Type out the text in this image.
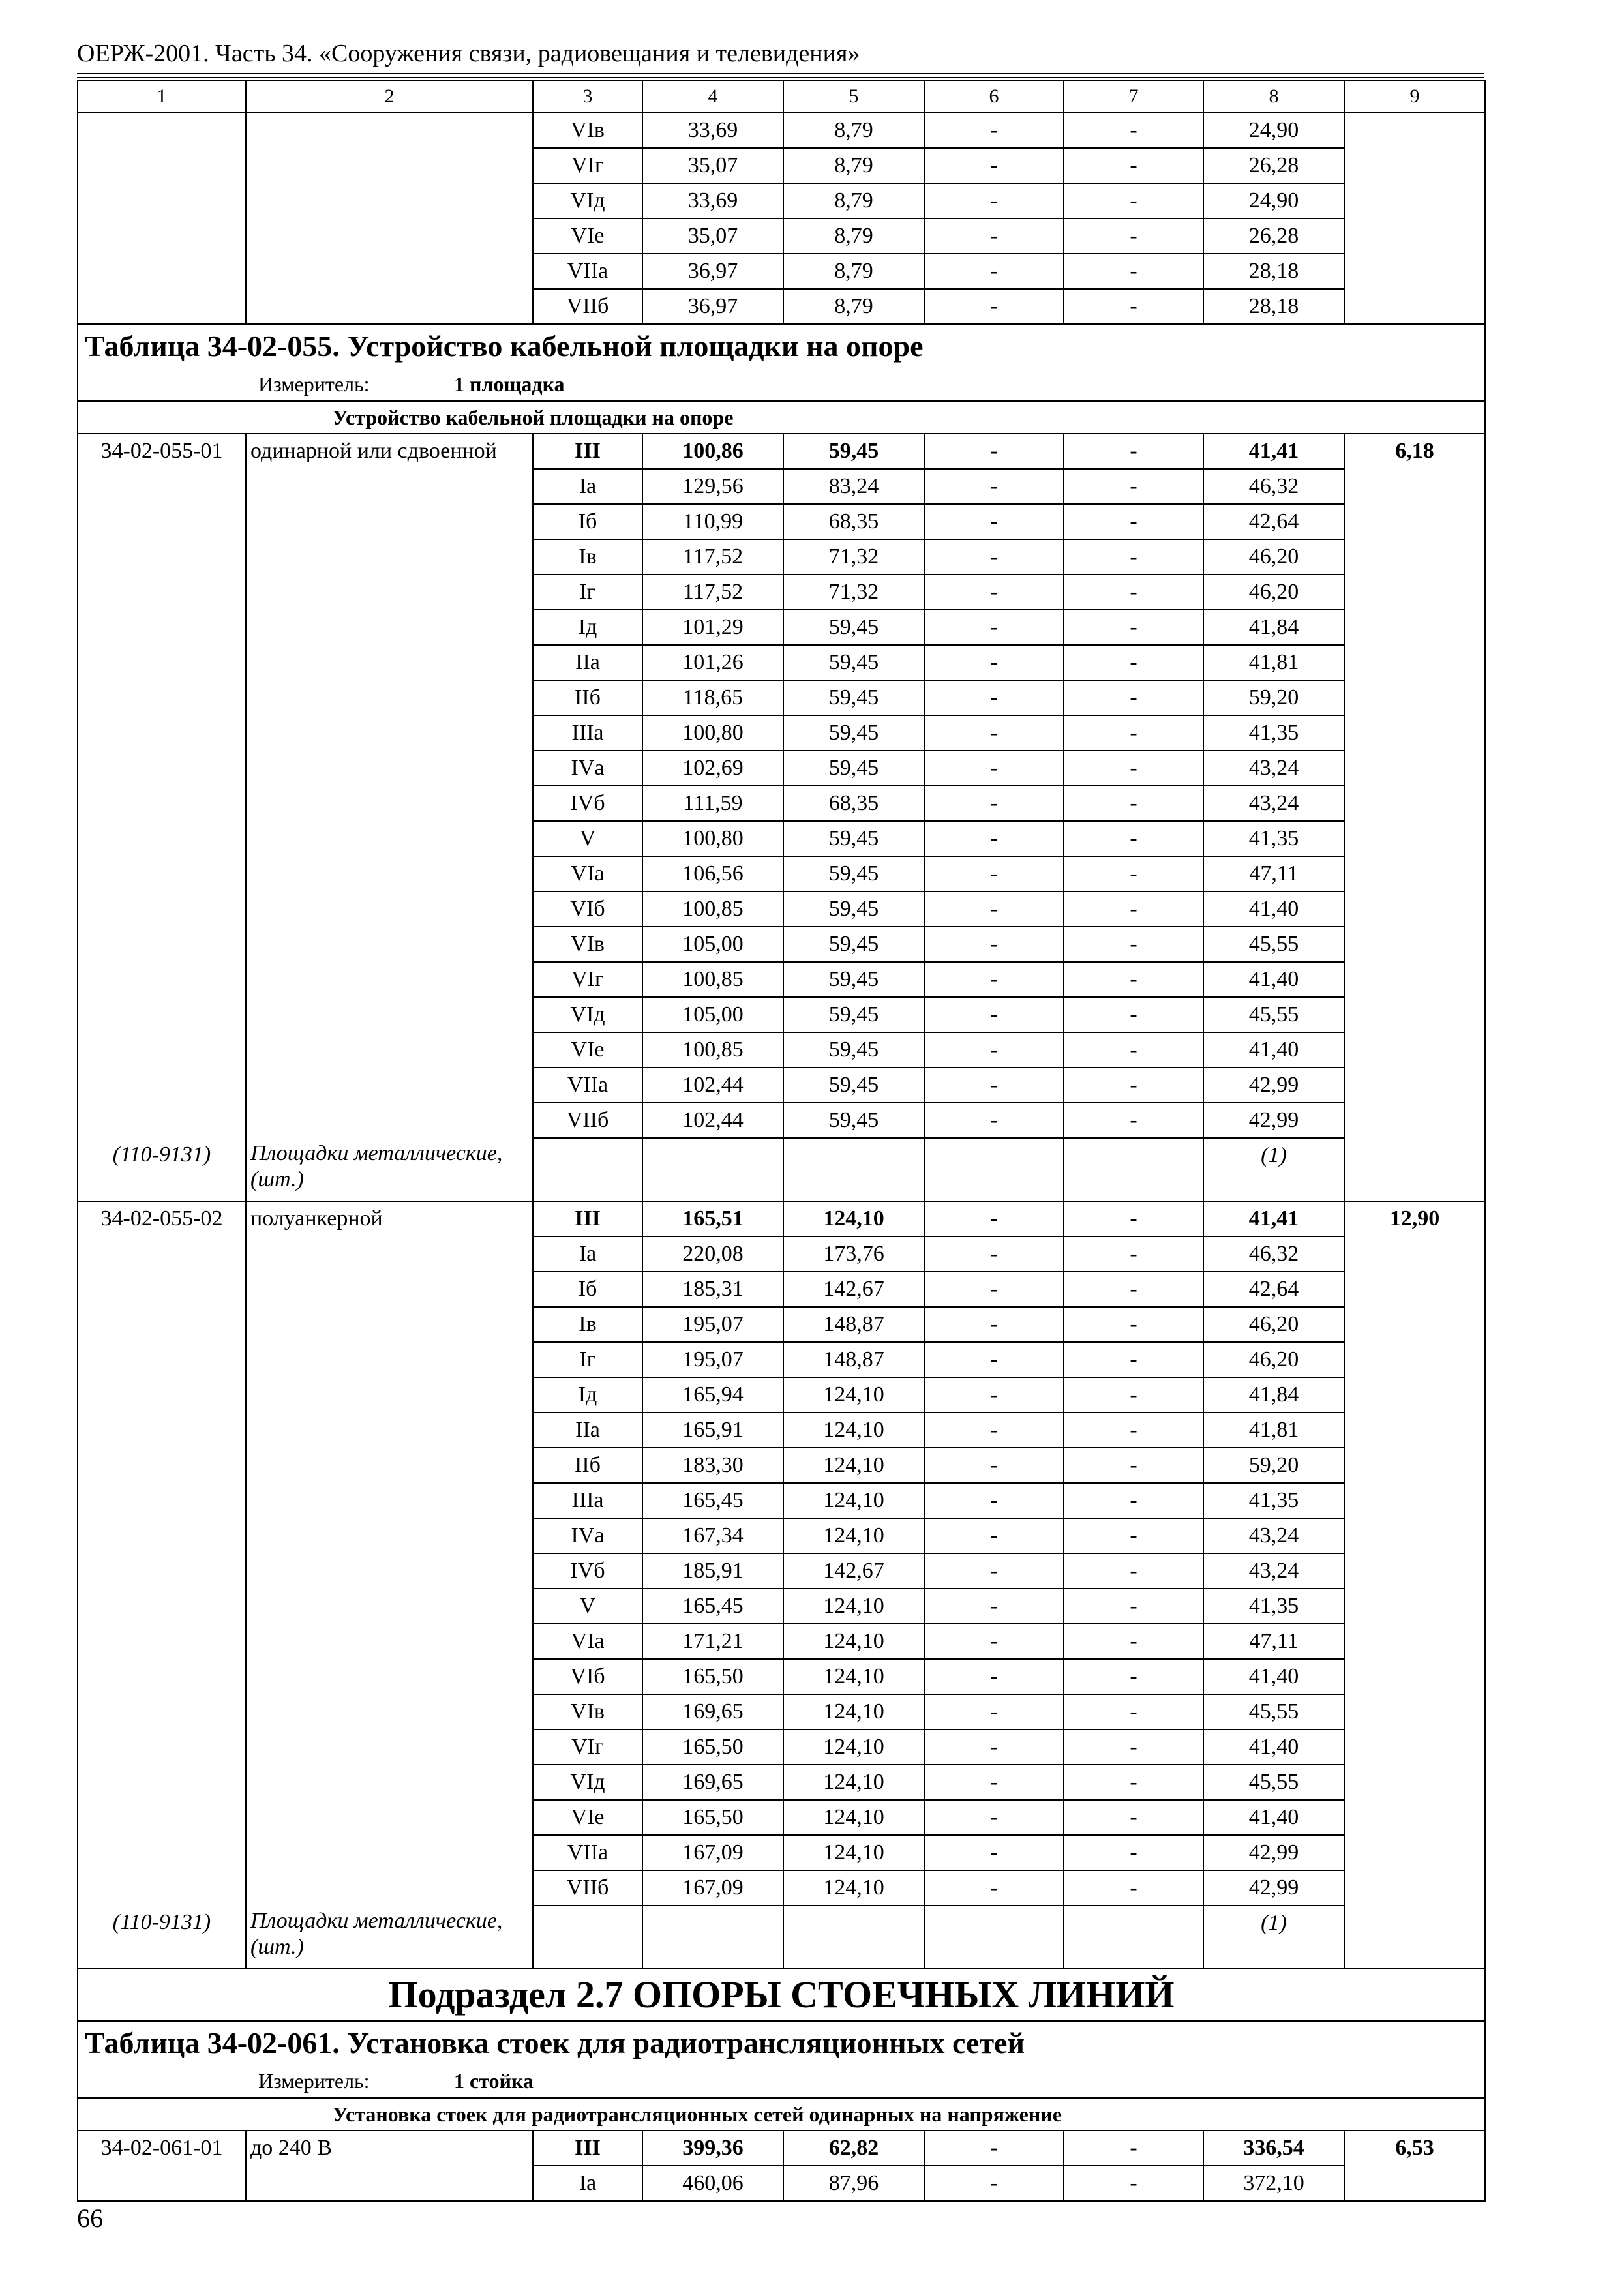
ОЕРЖ-2001. Часть 34. «Сооружения связи, радиовещания и телевидения»
1	2	3	4	5	6	7	8	9
		VIв	33,69	8,79	-	-	24,90	
		VIг	35,07	8,79	-	-	26,28	
		VIд	33,69	8,79	-	-	24,90	
		VIe	35,07	8,79	-	-	26,28	
		VIIа	36,97	8,79	-	-	28,18	
		VIIб	36,97	8,79	-	-	28,18	
Таблица 34-02-055. Устройство кабельной площадки на опоре								
Измеритель: 1 площадка								
Устройство кабельной площадки на опоре								
34-02-055-01	одинарной или сдвоенной	III	100,86	59,45	-	-	41,41	6,18
		Ia	129,56	83,24	-	-	46,32	
		Iб	110,99	68,35	-	-	42,64	
		Iв	117,52	71,32	-	-	46,20	
		Iг	117,52	71,32	-	-	46,20	
		Iд	101,29	59,45	-	-	41,84	
		IIа	101,26	59,45	-	-	41,81	
		IIб	118,65	59,45	-	-	59,20	
		IIIа	100,80	59,45	-	-	41,35	
		IVа	102,69	59,45	-	-	43,24	
		IVб	111,59	68,35	-	-	43,24	
		V	100,80	59,45	-	-	41,35	
		VIа	106,56	59,45	-	-	47,11	
		VIб	100,85	59,45	-	-	41,40	
		VIв	105,00	59,45	-	-	45,55	
		VIг	100,85	59,45	-	-	41,40	
		VIд	105,00	59,45	-	-	45,55	
		VIe	100,85	59,45	-	-	41,40	
		VIIа	102,44	59,45	-	-	42,99	
		VIIб	102,44	59,45	-	-	42,99	
(110-9131)	Площадки металлические, (шт.)						(1)	
34-02-055-02	полуанкерной	III	165,51	124,10	-	-	41,41	12,90
		Ia	220,08	173,76	-	-	46,32	
		Iб	185,31	142,67	-	-	42,64	
		Iв	195,07	148,87	-	-	46,20	
		Iг	195,07	148,87	-	-	46,20	
		Iд	165,94	124,10	-	-	41,84	
		IIа	165,91	124,10	-	-	41,81	
		IIб	183,30	124,10	-	-	59,20	
		IIIа	165,45	124,10	-	-	41,35	
		IVа	167,34	124,10	-	-	43,24	
		IVб	185,91	142,67	-	-	43,24	
		V	165,45	124,10	-	-	41,35	
		VIа	171,21	124,10	-	-	47,11	
		VIб	165,50	124,10	-	-	41,40	
		VIв	169,65	124,10	-	-	45,55	
		VIг	165,50	124,10	-	-	41,40	
		VIд	169,65	124,10	-	-	45,55	
		VIe	165,50	124,10	-	-	41,40	
		VIIа	167,09	124,10	-	-	42,99	
		VIIб	167,09	124,10	-	-	42,99	
(110-9131)	Площадки металлические, (шт.)						(1)	
Подраздел 2.7 ОПОРЫ СТОЕЧНЫХ ЛИНИЙ								
Таблица 34-02-061. Установка стоек для радиотрансляционных сетей								
Измеритель: 1 стойка								
Установка стоек для радиотрансляционных сетей одинарных на напряжение								
34-02-061-01	до 240 В	III	399,36	62,82	-	-	336,54	6,53
		Ia	460,06	87,96	-	-	372,10	
66
